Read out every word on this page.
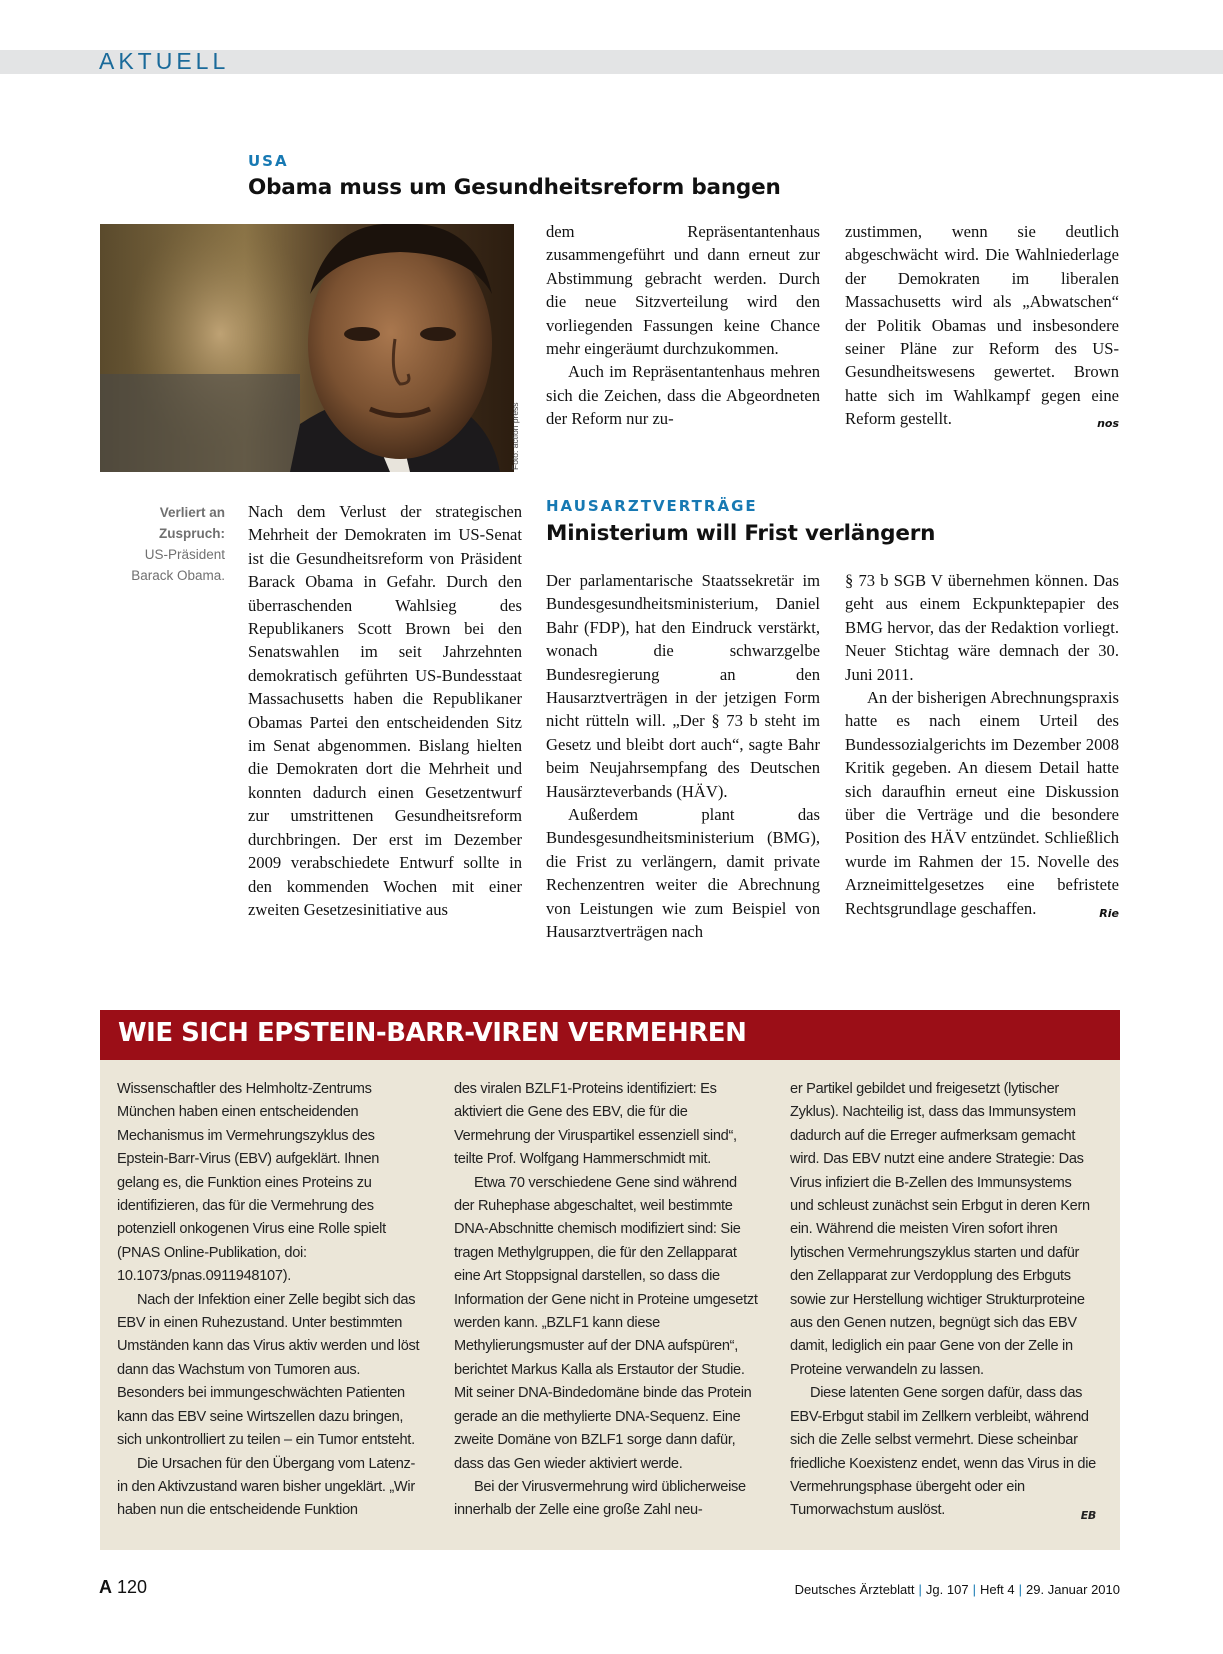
AKTUELL
USA
Obama muss um Gesundheitsreform bangen
Foto: action press
Verliert an Zuspruch:
US-Präsident Barack Obama.

Nach dem Verlust der strategischen Mehrheit der Demokraten im US-Senat ist die Gesundheitsreform von Präsident Barack Obama in Gefahr. Durch den überraschenden Wahlsieg des Republikaners Scott Brown bei den Senatswahlen im seit Jahrzehnten demokratisch geführten US-Bundesstaat Massachusetts haben die Republikaner Obamas Partei den entscheidenden Sitz im Senat abgenommen. Bislang hielten die Demokraten dort die Mehrheit und konnten dadurch einen Gesetzentwurf zur umstrittenen Gesundheitsreform durchbringen. Der erst im Dezember 2009 verabschiedete Entwurf sollte in den kommenden Wochen mit einer zweiten Gesetzesinitiative aus

dem Repräsentantenhaus zusammengeführt und dann erneut zur Abstimmung gebracht werden. Durch die neue Sitzverteilung wird den vorliegenden Fassungen keine Chance mehr eingeräumt durchzukommen.

Auch im Repräsentantenhaus mehren sich die Zeichen, dass die Abgeordneten der Reform nur zu-

zustimmen, wenn sie deutlich abgeschwächt wird. Die Wahlniederlage der Demokraten im liberalen Massachusetts wird als „Abwatschen“ der Politik Obamas und insbesondere seiner Pläne zur Reform des US-Gesundheitswesens gewertet. Brown hatte sich im Wahlkampf gegen eine Reform gestellt.	nos

HAUSARZTVERTRÄGE
Ministerium will Frist verlängern

Der parlamentarische Staatssekretär im Bundesgesundheitsministerium, Daniel Bahr (FDP), hat den Eindruck verstärkt, wonach die schwarzgelbe Bundesregierung an den Hausarztverträgen in der jetzigen Form nicht rütteln will. „Der § 73 b steht im Gesetz und bleibt dort auch“, sagte Bahr beim Neujahrsempfang des Deutschen Hausärzteverbands (HÄV).

Außerdem plant das Bundesgesundheitsministerium (BMG), die Frist zu verlängern, damit private Rechenzentren weiter die Abrechnung von Leistungen wie zum Beispiel von Hausarztverträgen nach

§ 73 b SGB V übernehmen können. Das geht aus einem Eckpunktepapier des BMG hervor, das der Redaktion vorliegt. Neuer Stichtag wäre demnach der 30. Juni 2011.

An der bisherigen Abrechnungspraxis hatte es nach einem Urteil des Bundessozialgerichts im Dezember 2008 Kritik gegeben. An diesem Detail hatte sich daraufhin erneut eine Diskussion über die Verträge und die besondere Position des HÄV entzündet. Schließlich wurde im Rahmen der 15. Novelle des Arzneimittelgesetzes eine befristete Rechtsgrundlage geschaffen.	Rie

WIE SICH EPSTEIN-BARR-VIREN VERMEHREN

Wissenschaftler des Helmholtz-Zentrums München haben einen entscheidenden Mechanismus im Vermehrungszyklus des Epstein-Barr-Virus (EBV) aufgeklärt. Ihnen gelang es, die Funktion eines Proteins zu identifizieren, das für die Vermehrung des potenziell onkogenen Virus eine Rolle spielt (PNAS Online-Publikation, doi: 10.1073/pnas.0911948107).

Nach der Infektion einer Zelle begibt sich das EBV in einen Ruhezustand. Unter bestimmten Umständen kann das Virus aktiv werden und löst dann das Wachstum von Tumoren aus. Besonders bei immungeschwächten Patienten kann das EBV seine Wirtszellen dazu bringen, sich unkontrolliert zu teilen – ein Tumor entsteht.

Die Ursachen für den Übergang vom Latenz- in den Aktivzustand waren bisher ungeklärt. „Wir haben nun die entscheidende Funktion

des viralen BZLF1-Proteins identifiziert: Es aktiviert die Gene des EBV, die für die Vermehrung der Viruspartikel essenziell sind“, teilte Prof. Wolfgang Hammerschmidt mit.

Etwa 70 verschiedene Gene sind während der Ruhephase abgeschaltet, weil bestimmte DNA-Abschnitte chemisch modifiziert sind: Sie tragen Methylgruppen, die für den Zellapparat eine Art Stoppsignal darstellen, so dass die Information der Gene nicht in Proteine umgesetzt werden kann. „BZLF1 kann diese Methylierungsmuster auf der DNA aufspüren“, berichtet Markus Kalla als Erstautor der Studie. Mit seiner DNA-Bindedomäne binde das Protein gerade an die methylierte DNA-Sequenz. Eine zweite Domäne von BZLF1 sorge dann dafür, dass das Gen wieder aktiviert werde.

Bei der Virusvermehrung wird üblicherweise innerhalb der Zelle eine große Zahl neu-

er Partikel gebildet und freigesetzt (lytischer Zyklus). Nachteilig ist, dass das Immunsystem dadurch auf die Erreger aufmerksam gemacht wird. Das EBV nutzt eine andere Strategie: Das Virus infiziert die B-Zellen des Immunsystems und schleust zunächst sein Erbgut in deren Kern ein. Während die meisten Viren sofort ihren lytischen Vermehrungszyklus starten und dafür den Zellapparat zur Verdopplung des Erbguts sowie zur Herstellung wichtiger Strukturproteine aus den Genen nutzen, begnügt sich das EBV damit, lediglich ein paar Gene von der Zelle in Proteine verwandeln zu lassen.

Diese latenten Gene sorgen dafür, dass das EBV-Erbgut stabil im Zellkern verbleibt, während sich die Zelle selbst vermehrt. Diese scheinbar friedliche Koexistenz endet, wenn das Virus in die Vermehrungsphase übergeht oder ein Tumorwachstum auslöst.	EB

A 120	Deutsches Ärzteblatt | Jg. 107 | Heft 4 | 29. Januar 2010
